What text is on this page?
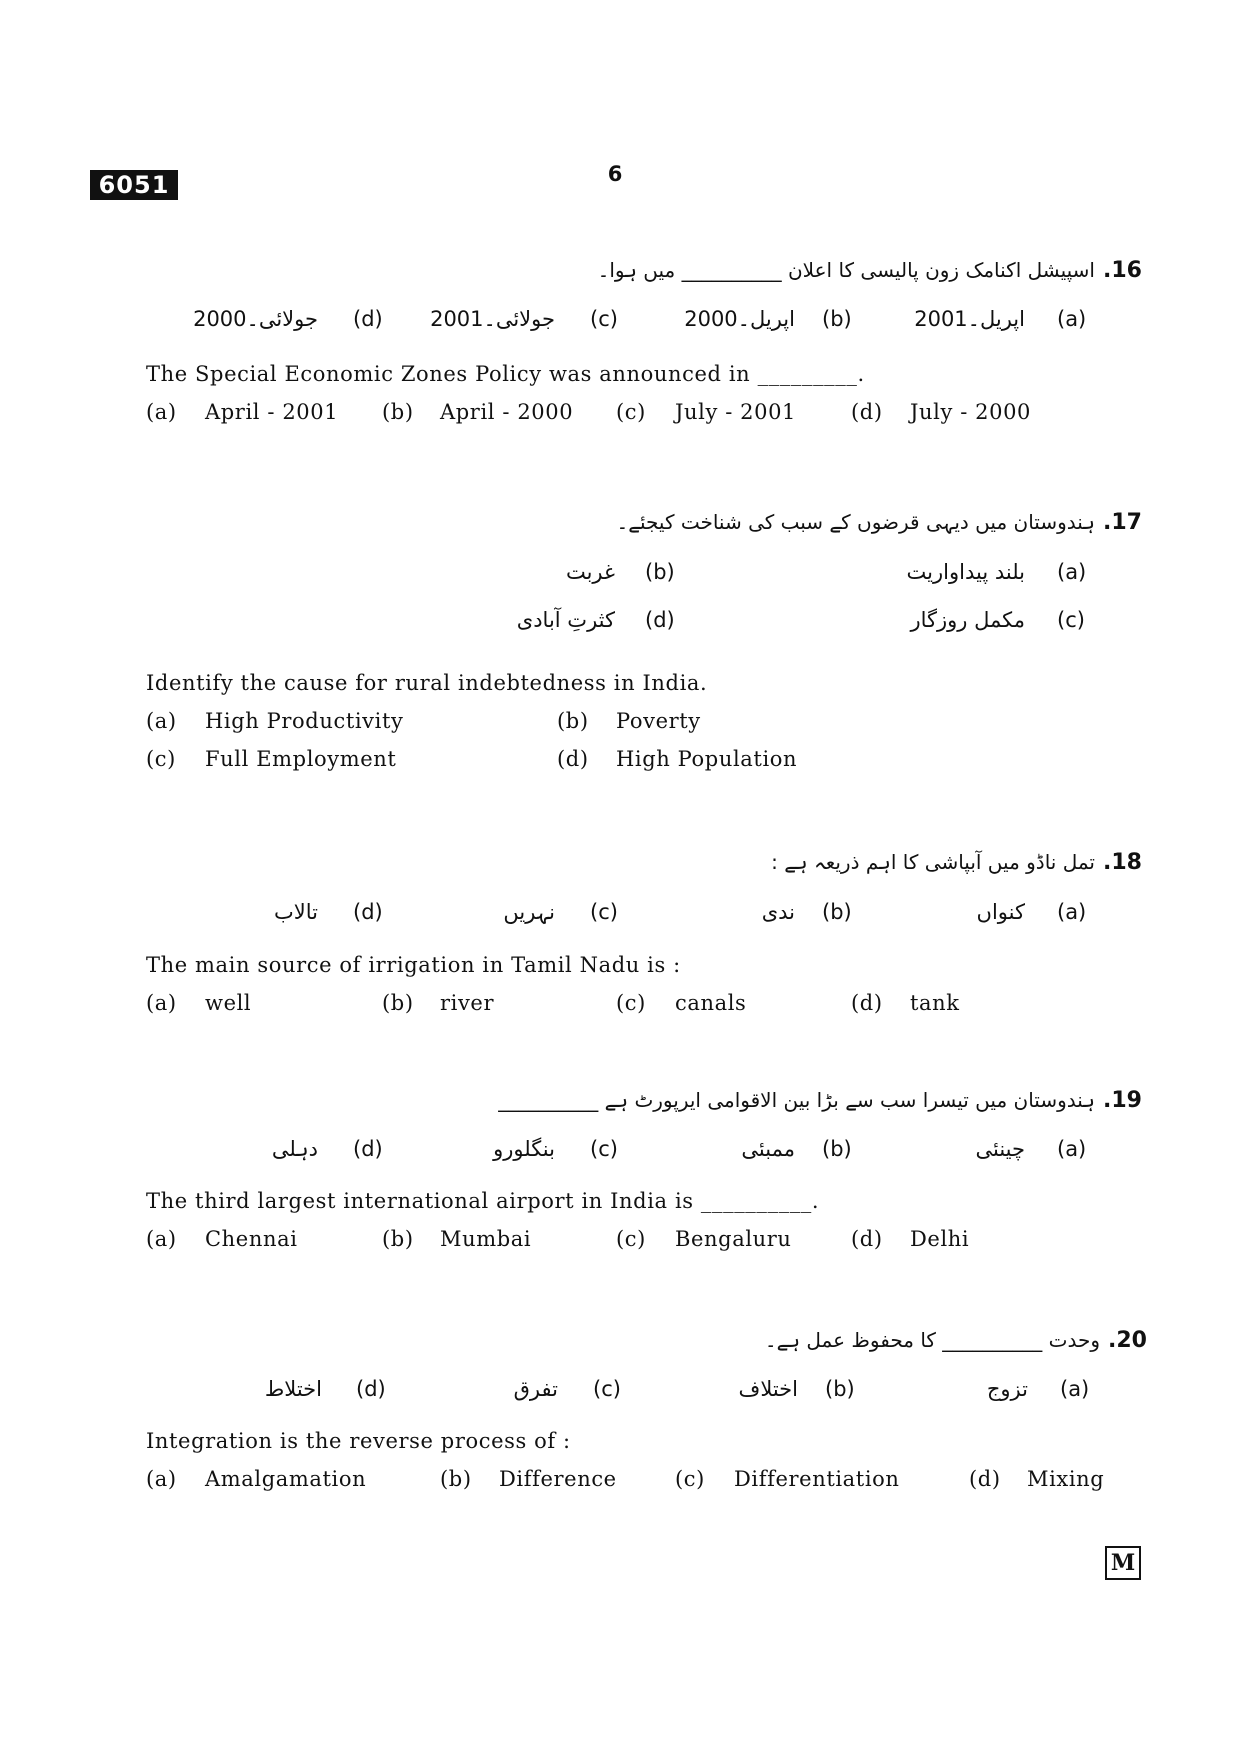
6051	6
.16
اسپیشل اکنامک زون پالیسی کا اعلان __________ میں ہوا۔
(a)
اپریل۔2001
(b)
اپریل۔2000
(c)
جولائی۔2001
(d)
جولائی۔2000
The Special Economic Zones Policy was announced in _________.
(a) April - 2001 (b) April - 2000 (c) July - 2001	(d) July - 2000
.17
ہندوستان میں دیہی قرضوں کے سبب کی شناخت کیجئے۔
(a)
بلند پیداواریت
(b)
غربت
(c)
مکمل روزگار
(d)
کثرتِ آبادی
Identify the cause for rural indebtedness in India.
(a) High Productivity	(b) Poverty
(c) Full Employment	(d) High Population
.18
تمل ناڈو میں آبپاشی کا اہم ذریعہ ہے :
(a)
کنواں
(b)
ندی
(c)
نہریں
(d)
تالاب
The main source of irrigation in Tamil Nadu is :
(a) well	(b) river	(c) canals	(d) tank
.19
ہندوستان میں تیسرا سب سے بڑا بین الاقوامی ایرپورٹ ہے __________
(a)
چینئی
(b)
ممبئی
(c)
بنگلورو
(d)
دہلی
The third largest international airport in India is __________.
(a) Chennai	(b) Mumbai	(c) Bengaluru	(d) Delhi
.20
وحدت __________ کا محفوظ عمل ہے۔
(a)
تزوج
(b)
اختلاف
(c)
تفرق
(d)
اختلاط
Integration is the reverse process of :
(a) Amalgamation	(b) Difference	(c) Differentiation	(d) Mixing
M
